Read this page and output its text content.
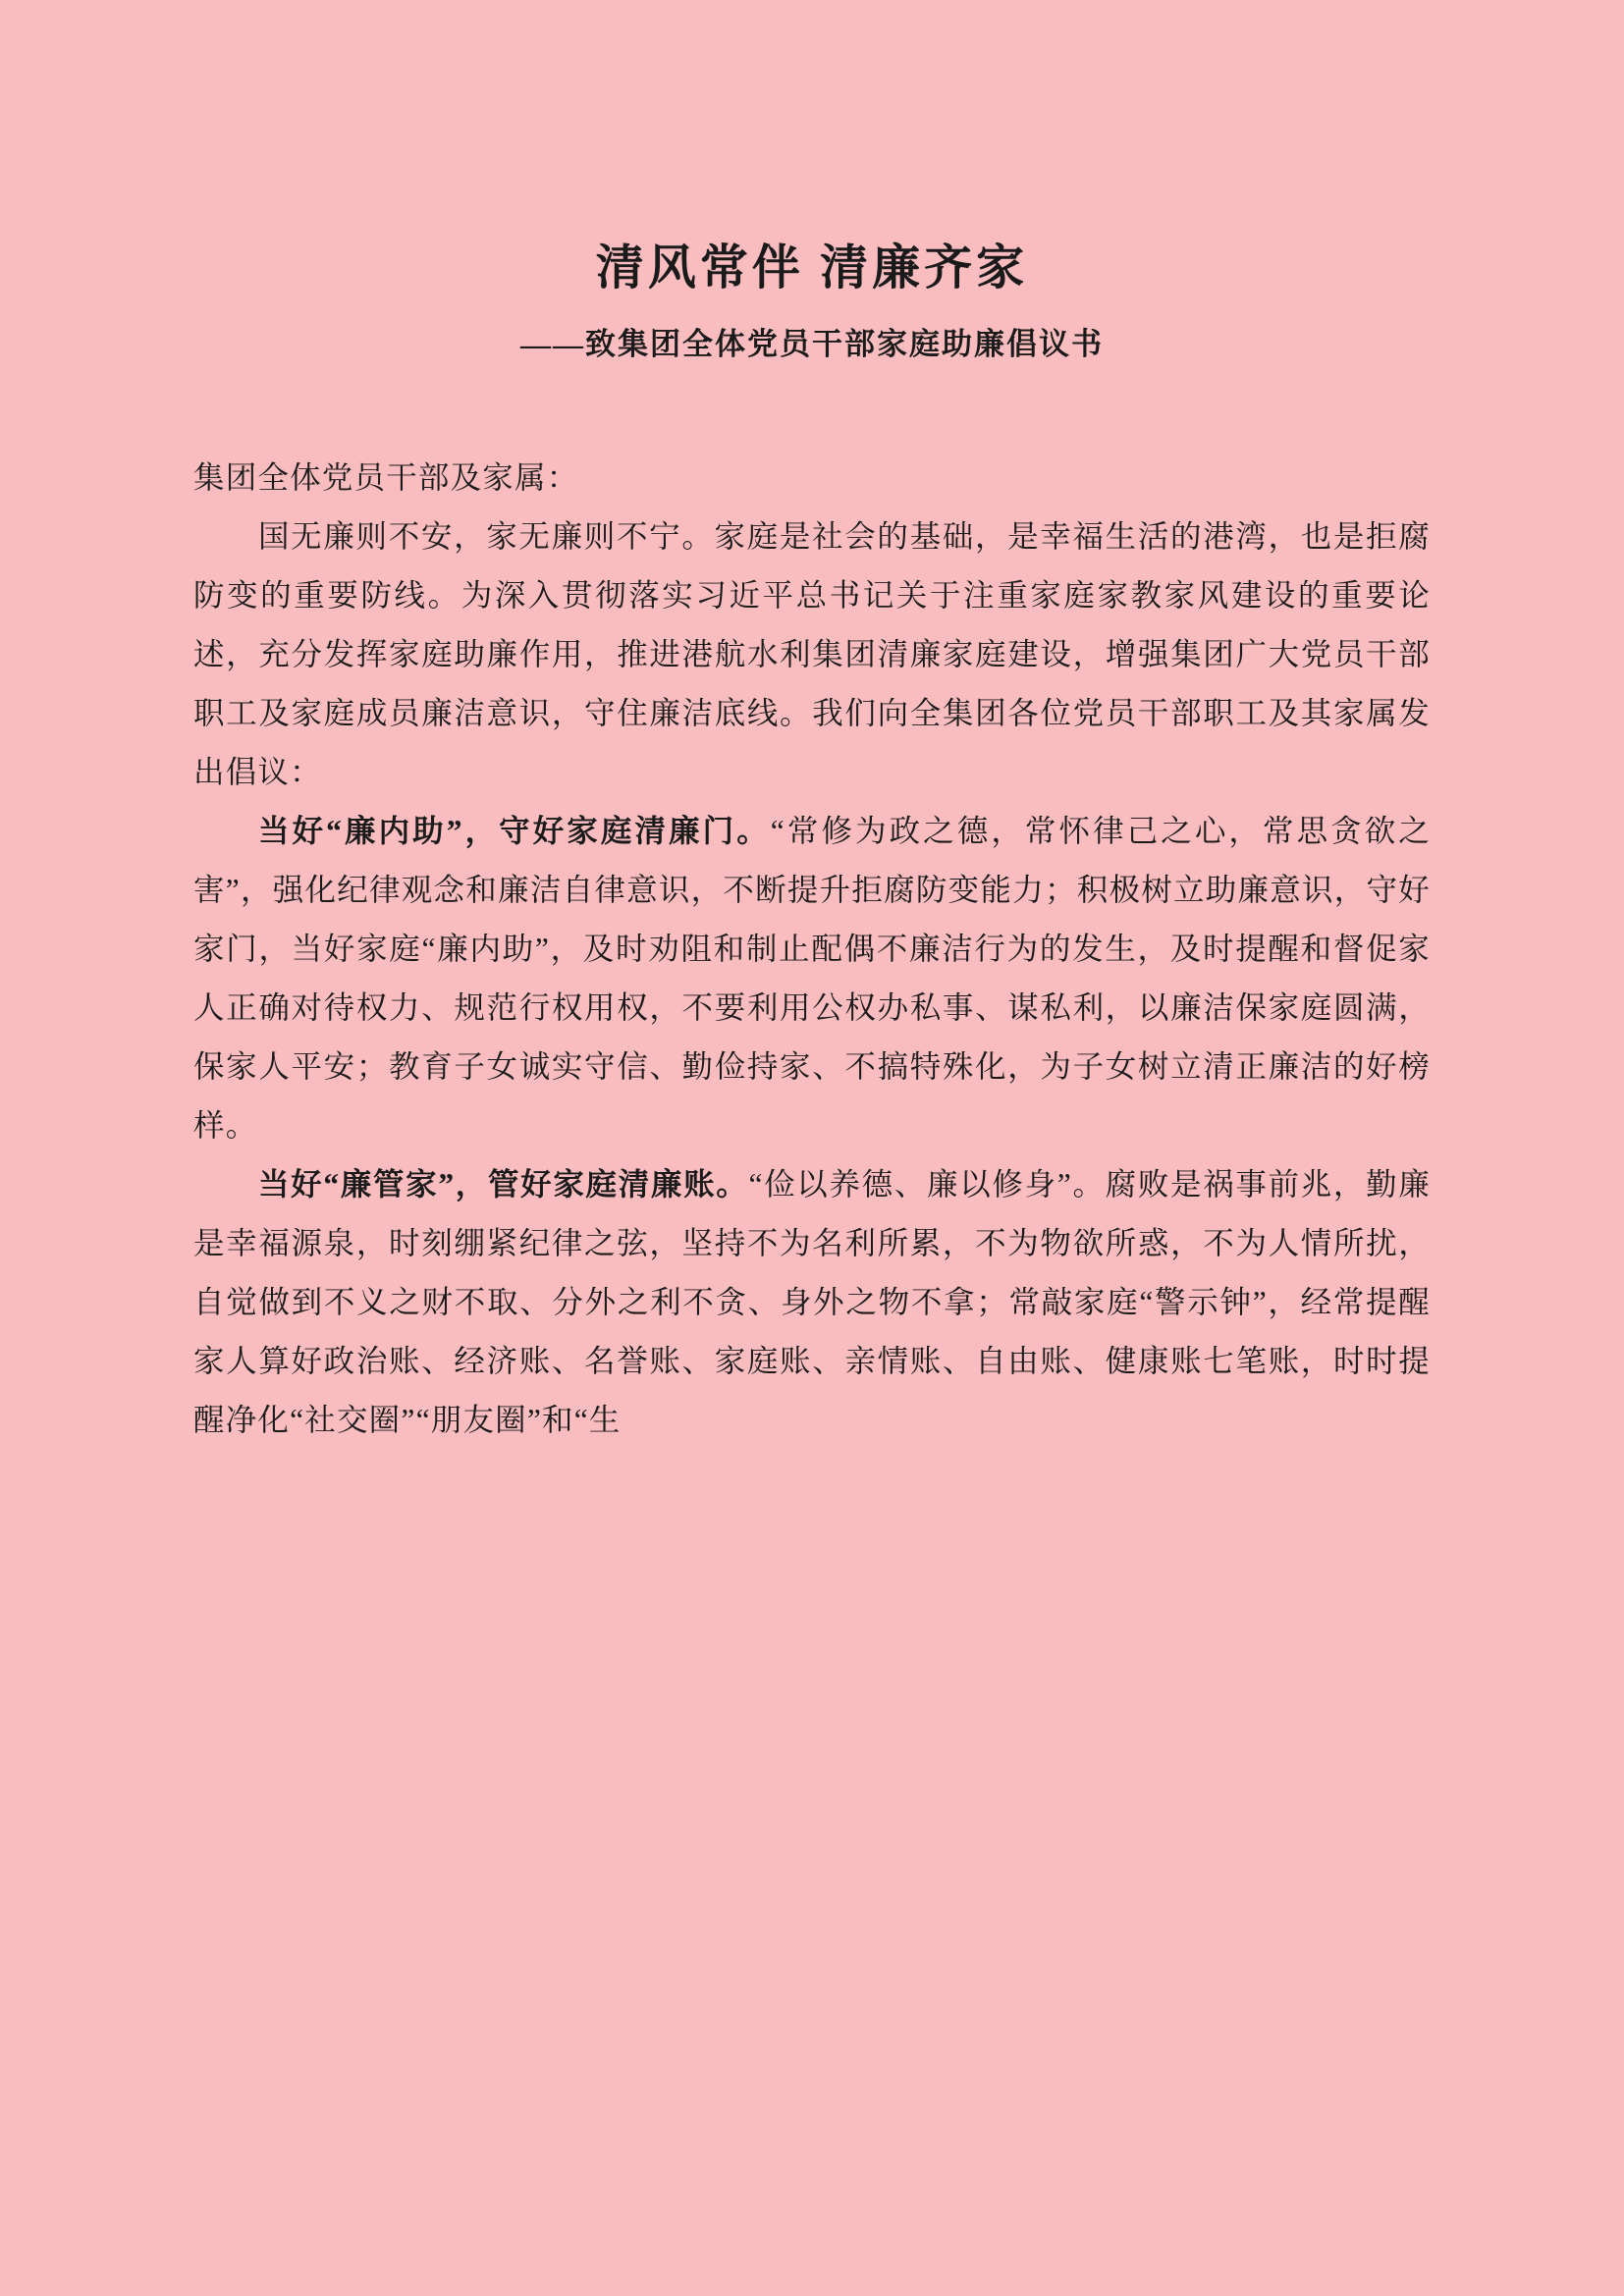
清风常伴 清廉齐家
——致集团全体党员干部家庭助廉倡议书

集团全体党员干部及家属：

国无廉则不安，家无廉则不宁。家庭是社会的基础，是幸福生活的港湾，也是拒腐防变的重要防线。为深入贯彻落实习近平总书记关于注重家庭家教家风建设的重要论述，充分发挥家庭助廉作用，推进港航水利集团清廉家庭建设，增强集团广大党员干部职工及家庭成员廉洁意识，守住廉洁底线。我们向全集团各位党员干部职工及其家属发出倡议：

当好“廉内助”，守好家庭清廉门。“常修为政之德，常怀律己之心，常思贪欲之害”，强化纪律观念和廉洁自律意识，不断提升拒腐防变能力；积极树立助廉意识，守好家门，当好家庭“廉内助”，及时劝阻和制止配偶不廉洁行为的发生，及时提醒和督促家人正确对待权力、规范行权用权，不要利用公权办私事、谋私利，以廉洁保家庭圆满，保家人平安；教育子女诚实守信、勤俭持家、不搞特殊化，为子女树立清正廉洁的好榜样。

当好“廉管家”，管好家庭清廉账。“俭以养德、廉以修身”。腐败是祸事前兆，勤廉是幸福源泉，时刻绷紧纪律之弦，坚持不为名利所累，不为物欲所惑，不为人情所扰，自觉做到不义之财不取、分外之利不贪、身外之物不拿；常敲家庭“警示钟”，经常提醒家人算好政治账、经济账、名誉账、家庭账、亲情账、自由账、健康账七笔账，时时提醒净化“社交圈”“朋友圈”和“生
